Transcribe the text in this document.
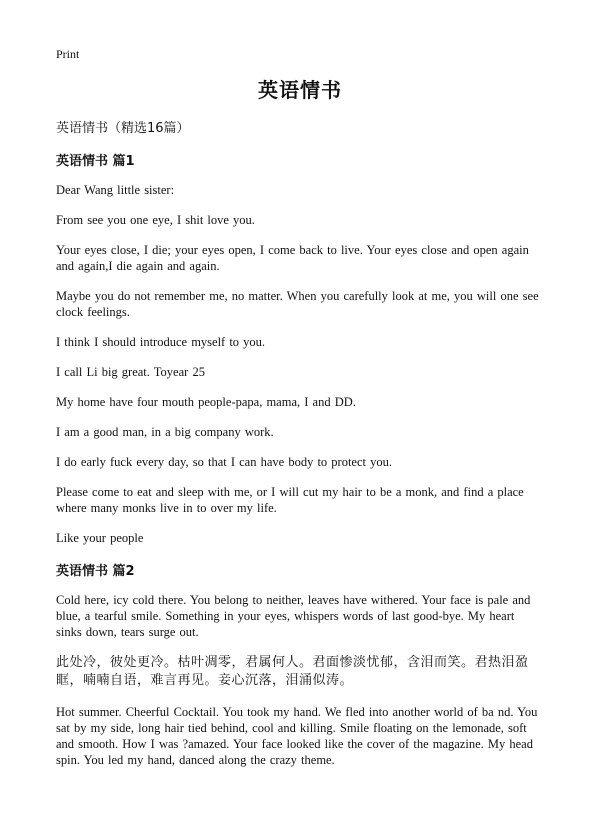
Print
英语情书
英语情书（精选16篇）
英语情书 篇1

Dear Wang little sister:

From see you one eye, I shit love you.

Your eyes close, I die; your eyes open, I come back to live. Your eyes close and open again and again,I die again and again.

Maybe you do not remember me, no matter. When you carefully look at me, you will one see clock feelings.

I think I should introduce myself to you.

I call Li big great. Toyear 25

My home have four mouth people-papa, mama, I and DD.

I am a good man, in a big company work.

I do early fuck every day, so that I can have body to protect you.

Please come to eat and sleep with me, or I will cut my hair to be a monk, and find a place where many monks live in to over my life.

Like your people

英语情书 篇2

Cold here, icy cold there. You belong to neither, leaves have withered. Your face is pale and blue, a tearful smile. Something in your eyes, whispers words of last good-bye. My heart sinks down, tears surge out.

此处冷，彼处更冷。枯叶凋零，君属何人。君面惨淡忧郁，含泪而笑。君热泪盈眶，喃喃自语，难言再见。妾心沉落，泪涌似涛。

Hot summer. Cheerful Cocktail. You took my hand. We fled into another world of ba nd. You sat by my side, long hair tied behind, cool and killing. Smile floating on the lemonade, soft and smooth. How I was ?amazed. Your face looked like the cover of the magazine. My head spin. You led my hand, danced along the crazy theme.
